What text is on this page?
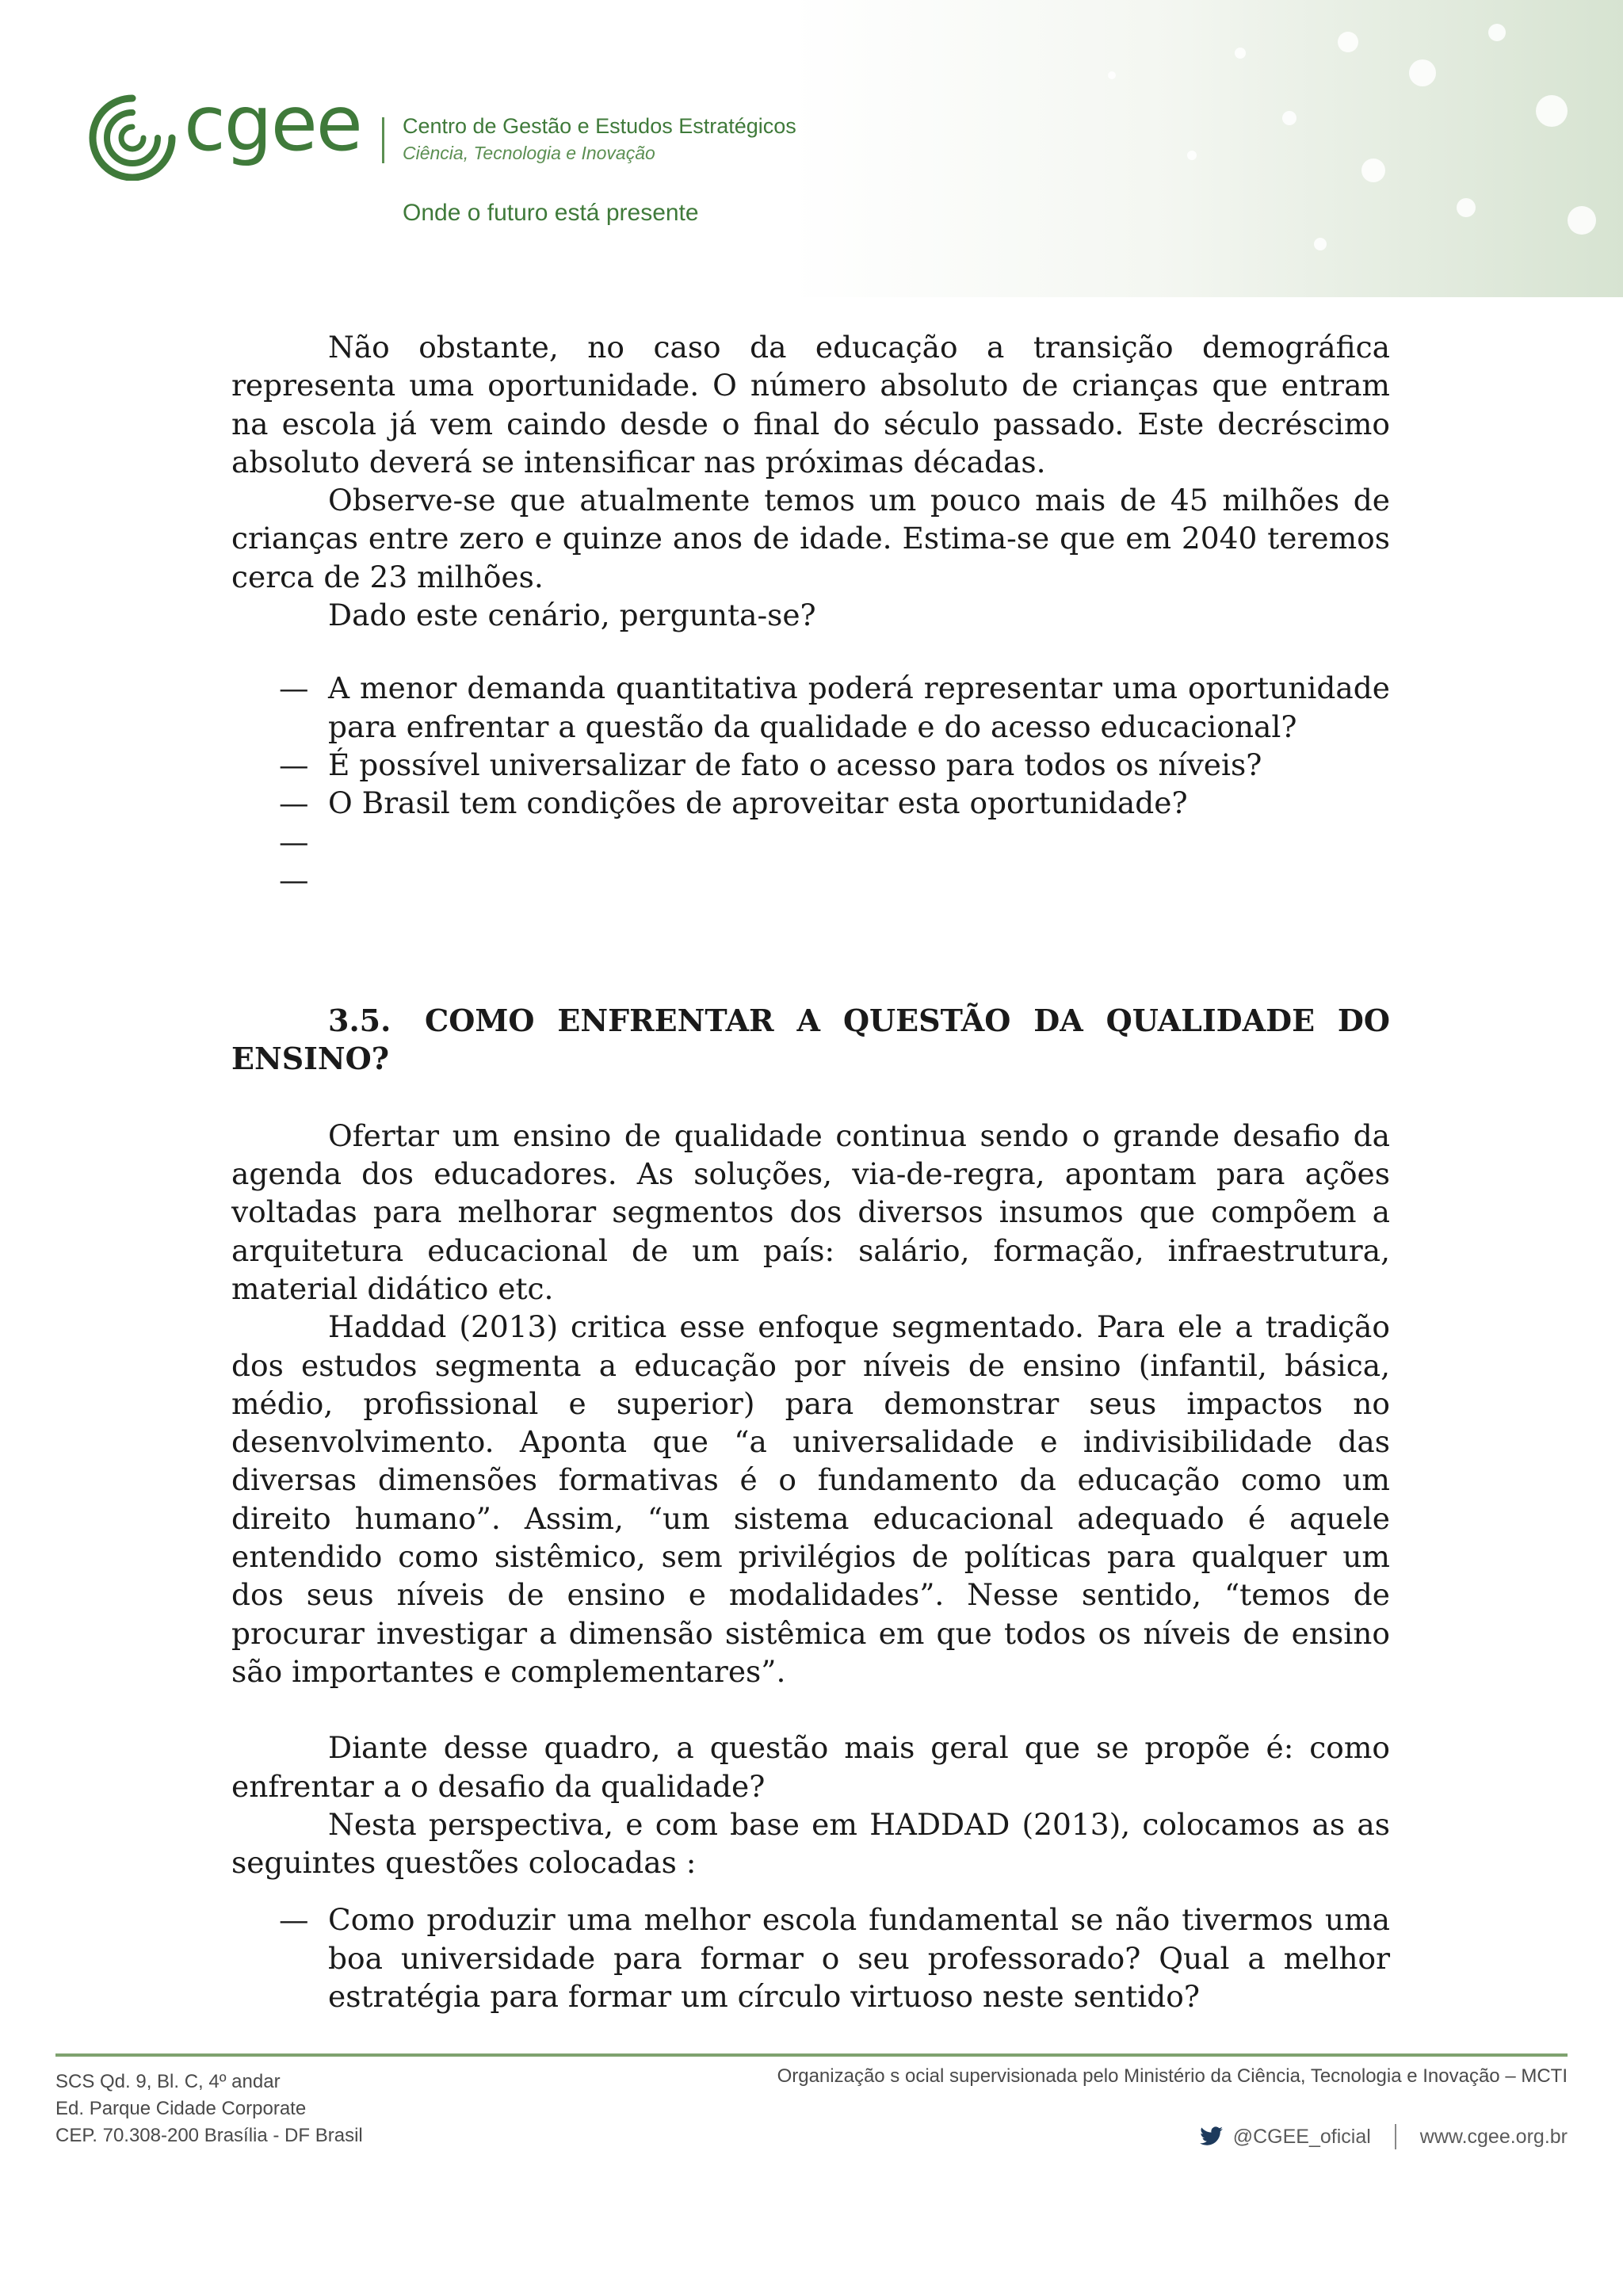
cgee Centro de Gestão e Estudos Estratégicos
Ciência, Tecnologia e Inovação
Onde o futuro está presente

Não obstante, no caso da educação a transição demográfica representa uma oportunidade. O número absoluto de crianças que entram na escola já vem caindo desde o final do século passado. Este decréscimo absoluto deverá se intensificar nas próximas décadas.

Observe-se que atualmente temos um pouco mais de 45 milhões de crianças entre zero e quinze anos de idade. Estima-se que em 2040 teremos cerca de 23 milhões.

Dado este cenário, pergunta-se?

— A menor demanda quantitativa poderá representar uma oportunidade para enfrentar a questão da qualidade e do acesso educacional?
— É possível universalizar de fato o acesso para todos os níveis?
— O Brasil tem condições de aproveitar esta oportunidade?
—
—

3.5. COMO ENFRENTAR A QUESTÃO DA QUALIDADE DO ENSINO?

Ofertar um ensino de qualidade continua sendo o grande desafio da agenda dos educadores. As soluções, via-de-regra, apontam para ações voltadas para melhorar segmentos dos diversos insumos que compõem a arquitetura educacional de um país: salário, formação, infraestrutura, material didático etc.

Haddad (2013) critica esse enfoque segmentado. Para ele a tradição dos estudos segmenta a educação por níveis de ensino (infantil, básica, médio, profissional e superior) para demonstrar seus impactos no desenvolvimento. Aponta que “a universalidade e indivisibilidade das diversas dimensões formativas é o fundamento da educação como um direito humano”. Assim, “um sistema educacional adequado é aquele entendido como sistêmico, sem privilégios de políticas para qualquer um dos seus níveis de ensino e modalidades”. Nesse sentido, “temos de procurar investigar a dimensão sistêmica em que todos os níveis de ensino são importantes e complementares”.

Diante desse quadro, a questão mais geral que se propõe é: como enfrentar a o desafio da qualidade?

Nesta perspectiva, e com base em HADDAD (2013), colocamos as as seguintes questões colocadas :

— Como produzir uma melhor escola fundamental se não tivermos uma boa universidade para formar o seu professorado? Qual a melhor estratégia para formar um círculo virtuoso neste sentido?
SCS Qd. 9, Bl. C, 4º andar
Ed. Parque Cidade Corporate
CEP. 70.308-200 Brasília - DF Brasil
Organização s ocial supervisionada pelo Ministério da Ciência, Tecnologia e Inovação – MCTI
@CGEE_oficial www.cgee.org.br
